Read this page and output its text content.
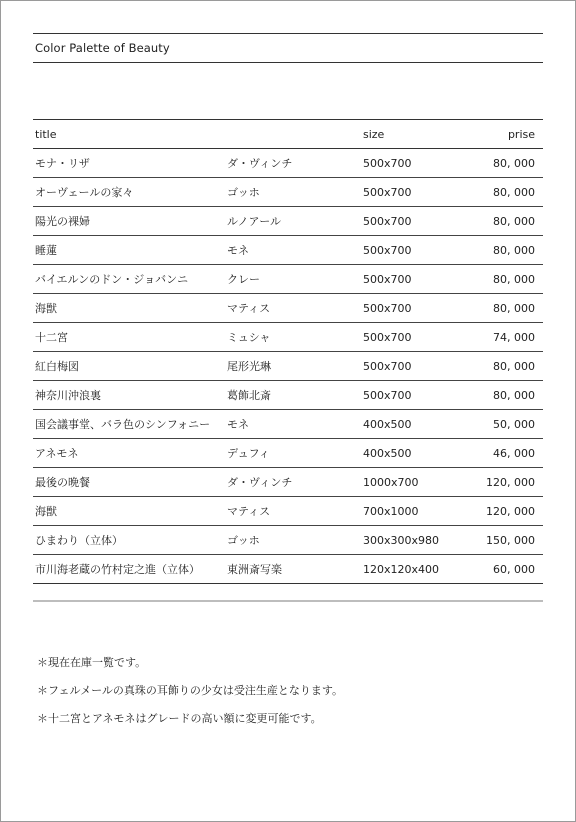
Color Palette of Beauty
title		size	prise
モナ・リザ	ダ・ヴィンチ	500x700	80, 000
オーヴェールの家々	ゴッホ	500x700	80, 000
陽光の裸婦	ルノアール	500x700	80, 000
睡蓮	モネ	500x700	80, 000
バイエルンのドン・ジョバンニ	クレー	500x700	80, 000
海獣	マティス	500x700	80, 000
十二宮	ミュシャ	500x700	74, 000
紅白梅図	尾形光琳	500x700	80, 000
神奈川沖浪裏	葛飾北斎	500x700	80, 000
国会議事堂、バラ色のシンフォニー	モネ	400x500	50, 000
アネモネ	デュフィ	400x500	46, 000
最後の晩餐	ダ・ヴィンチ	1000x700	120, 000
海獣	マティス	700x1000	120, 000
ひまわり（立体）	ゴッホ	300x300x980	150, 000
市川海老蔵の竹村定之進（立体）	東洲斎写楽	120x120x400	60, 000
＊現在在庫一覧です。
＊フェルメールの真珠の耳飾りの少女は受注生産となります。
＊十二宮とアネモネはグレードの高い額に変更可能です。
